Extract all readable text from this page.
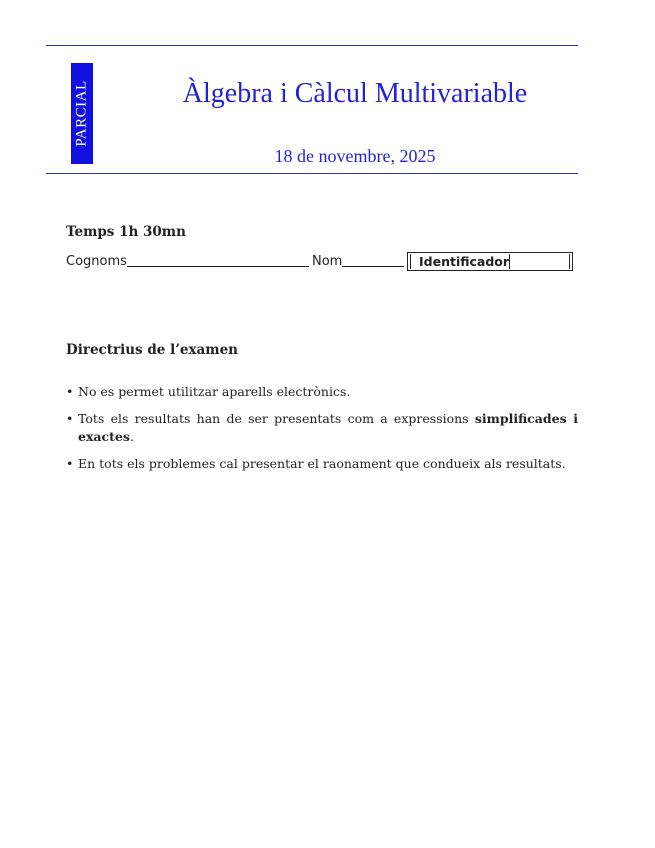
PARCIAL	Àlgebra i Càlcul Multivariable
18 de novembre, 2025
Temps 1h 30mn
Cognoms	Nom	Identificador
Directrius de l’examen
• No es permet utilitzar aparells electrònics.
• Tots els resultats han de ser presentats com a expressions simplificades i exactes.
• En tots els problemes cal presentar el raonament que condueix als resultats.
